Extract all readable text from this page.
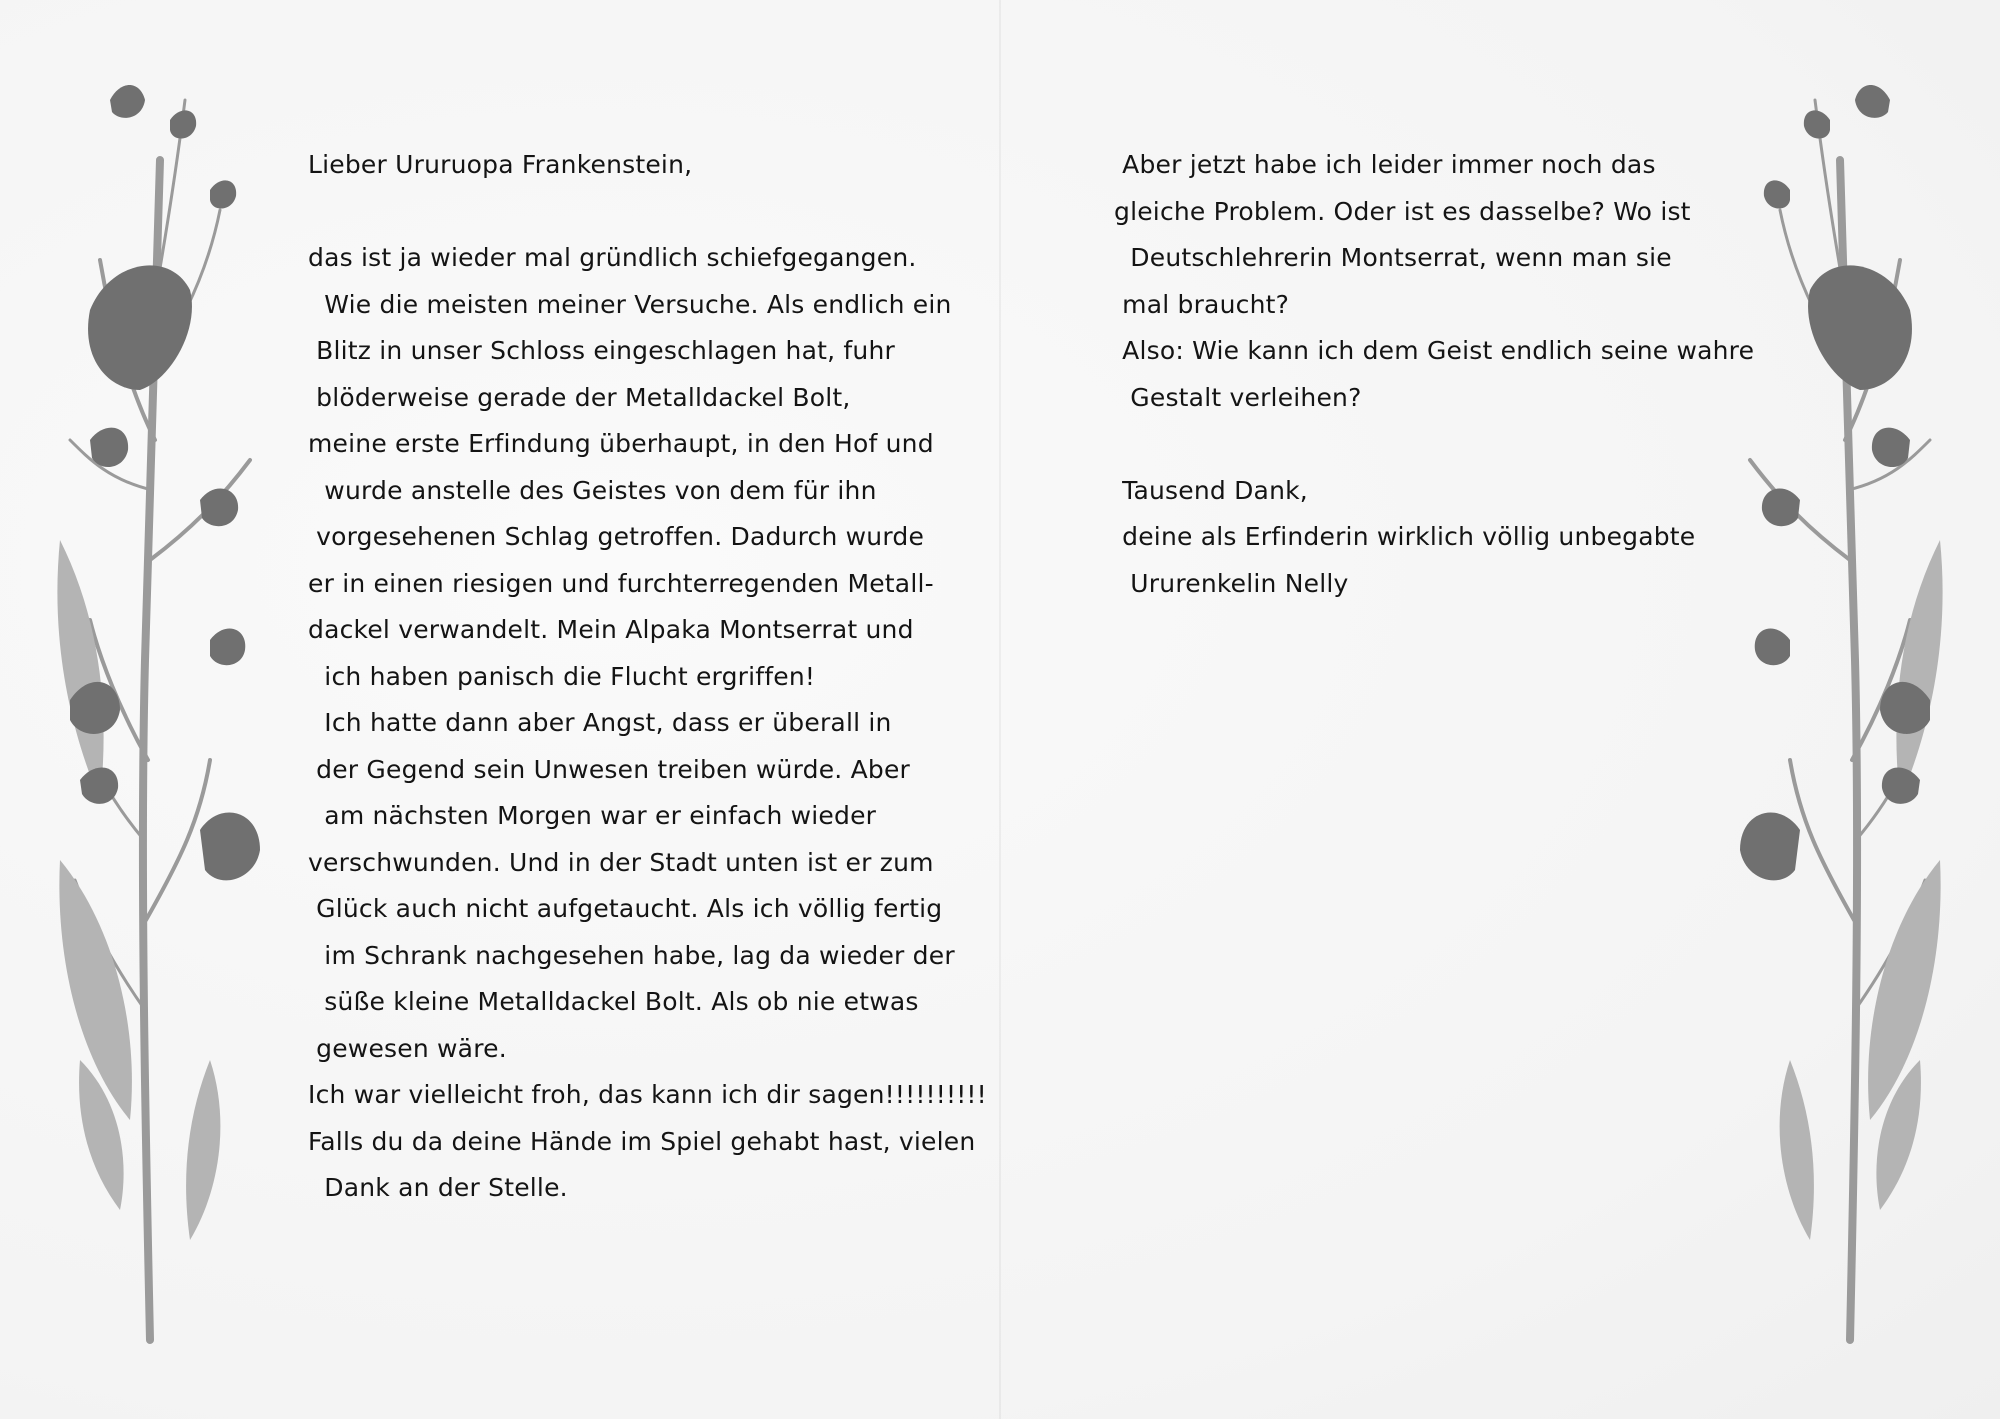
Lieber Ururuopa Frankenstein,
das ist ja wieder mal gründlich schiefgegangen.
Wie die meisten meiner Versuche. Als endlich ein
Blitz in unser Schloss eingeschlagen hat, fuhr
blöderweise gerade der Metalldackel Bolt,
meine erste Erfindung überhaupt, in den Hof und
wurde anstelle des Geistes von dem für ihn
vorgesehenen Schlag getroffen. Dadurch wurde
er in einen riesigen und furchterregenden Metall-
dackel verwandelt. Mein Alpaka Montserrat und
ich haben panisch die Flucht ergriffen!
Ich hatte dann aber Angst, dass er überall in
der Gegend sein Unwesen treiben würde. Aber
am nächsten Morgen war er einfach wieder
verschwunden. Und in der Stadt unten ist er zum
Glück auch nicht aufgetaucht. Als ich völlig fertig
im Schrank nachgesehen habe, lag da wieder der
süße kleine Metalldackel Bolt. Als ob nie etwas
gewesen wäre.
Ich war vielleicht froh, das kann ich dir sagen!!!!!!!!!!
Falls du da deine Hände im Spiel gehabt hast, vielen
Dank an der Stelle.
Aber jetzt habe ich leider immer noch das
gleiche Problem. Oder ist es dasselbe? Wo ist
Deutschlehrerin Montserrat, wenn man sie
mal braucht?
Also: Wie kann ich dem Geist endlich seine wahre
Gestalt verleihen?
Tausend Dank,
deine als Erfinderin wirklich völlig unbegabte
Ururenkelin Nelly
